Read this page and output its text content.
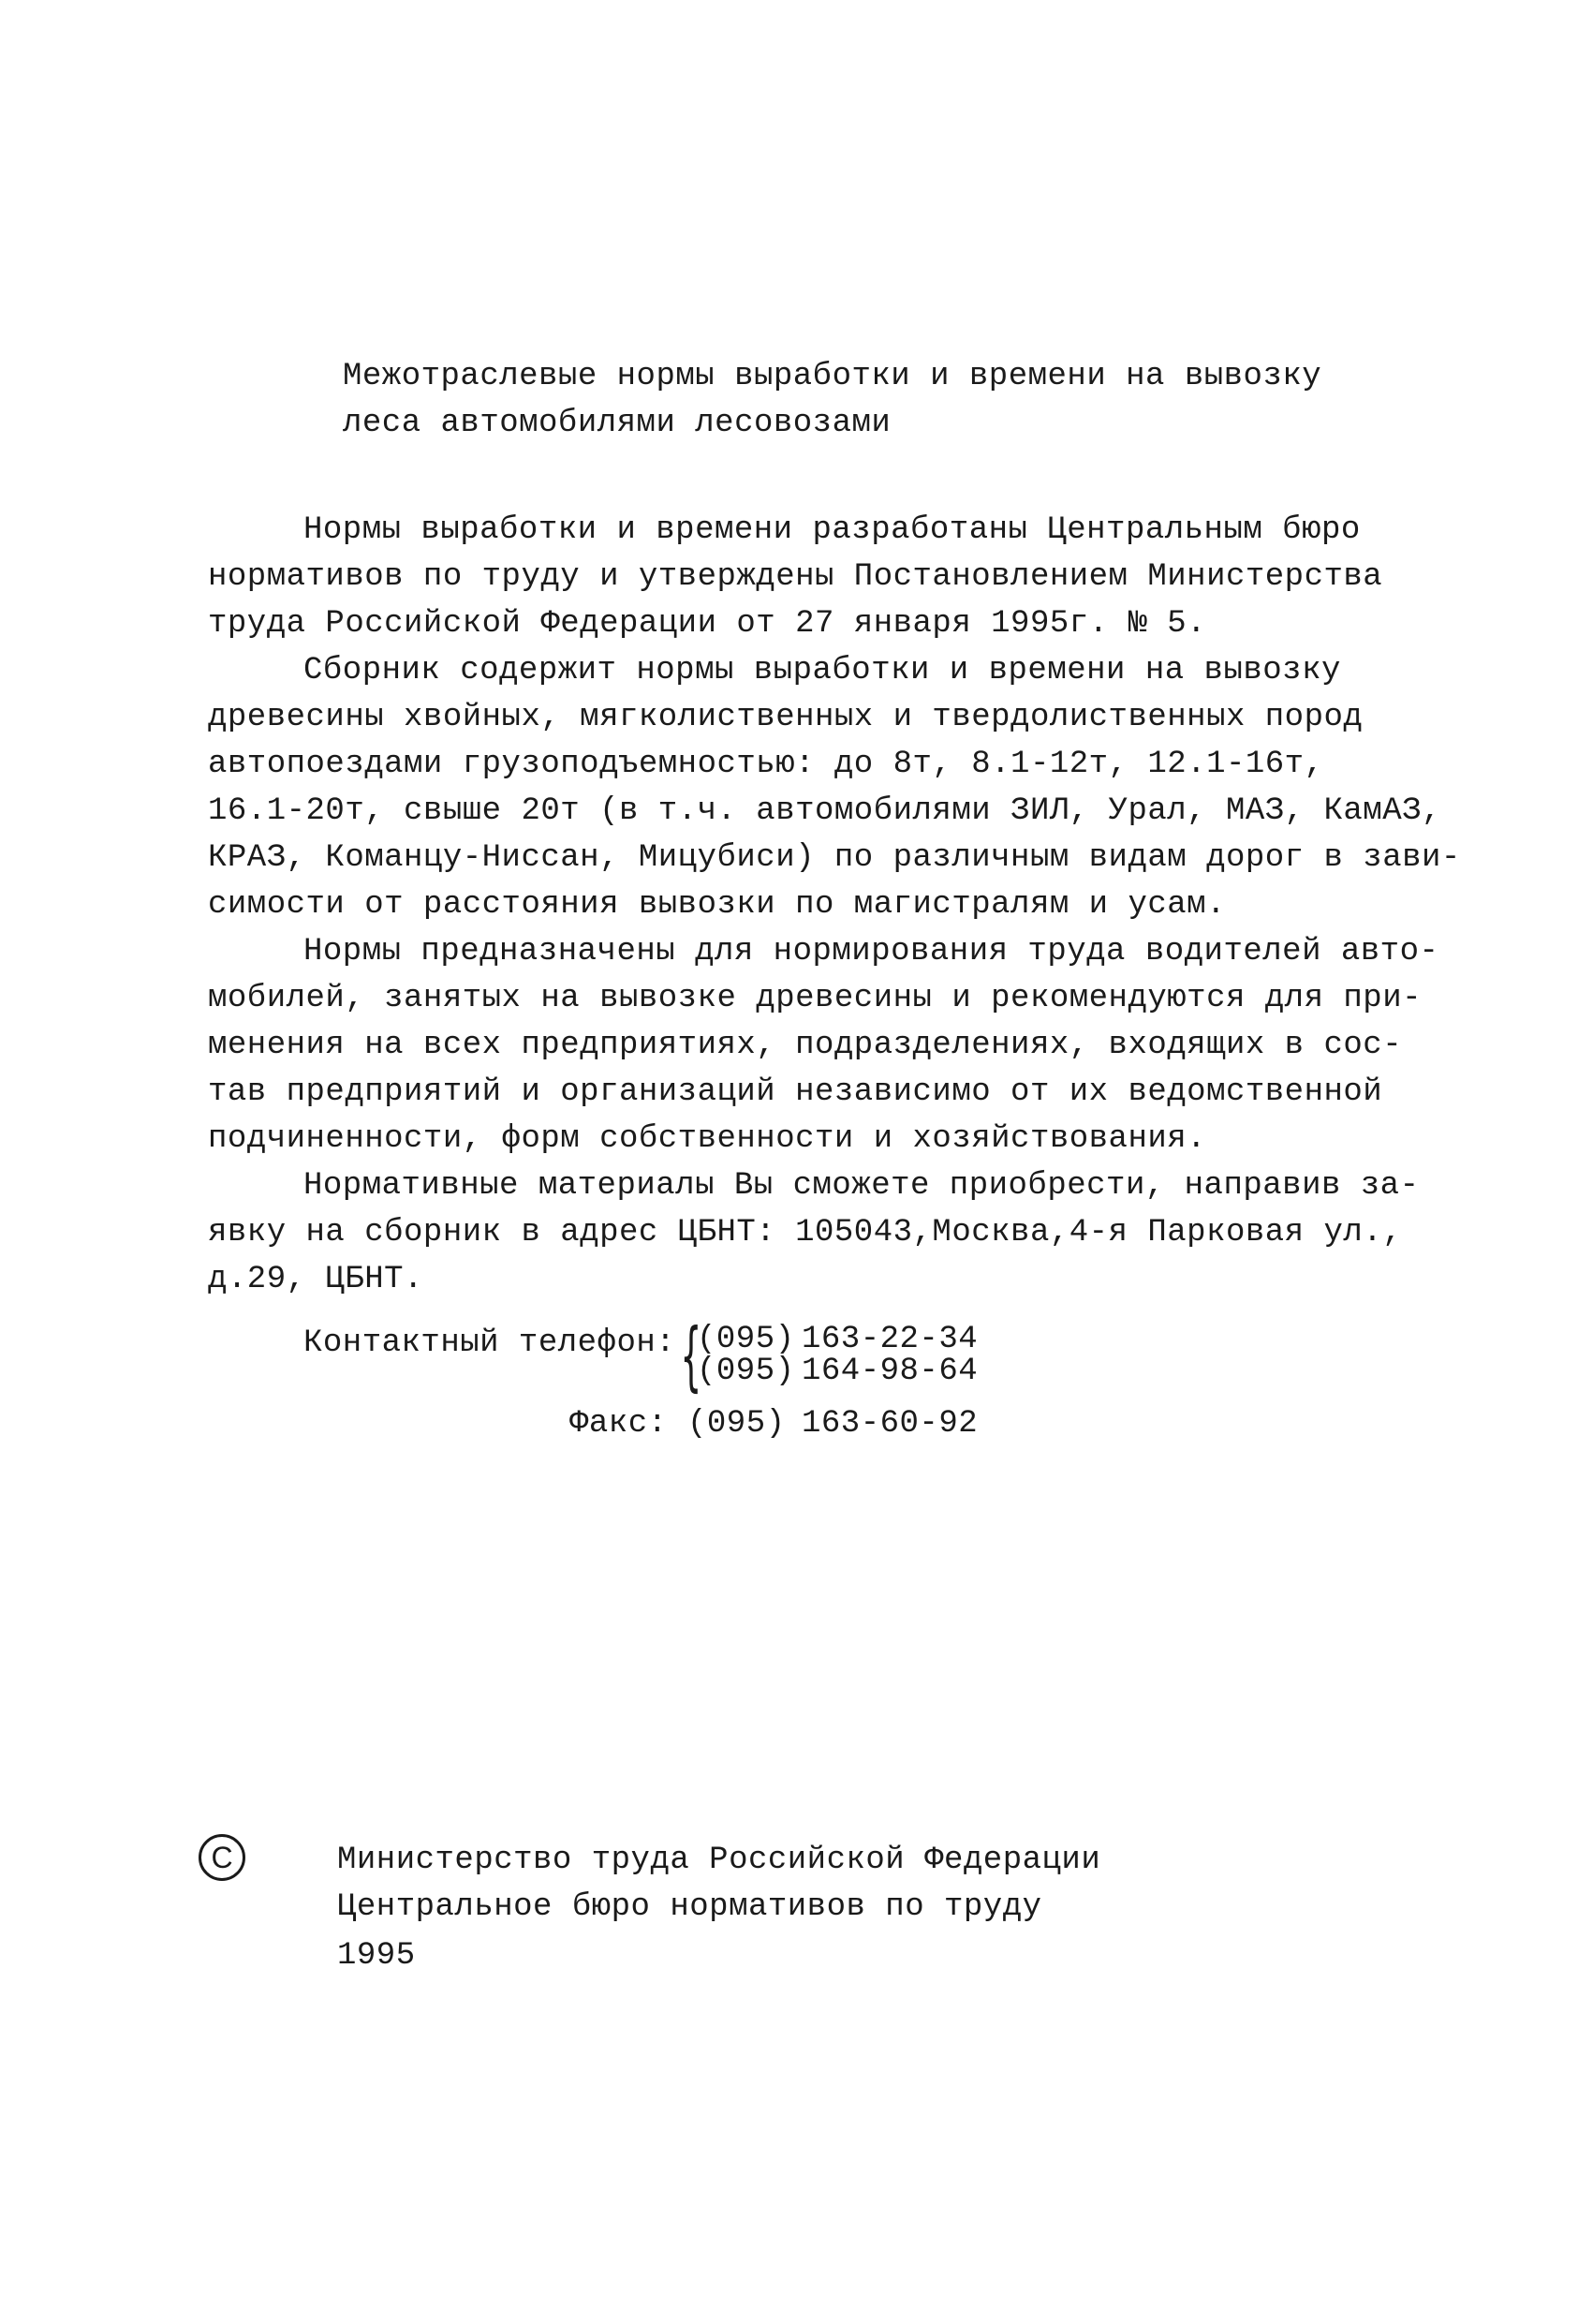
Межотраслевые нормы выработки и времени на вывозку
леса автомобилями лесовозами
Нормы выработки и времени разработаны Центральным бюро
нормативов по труду и утверждены Постановлением Министерства
труда Российской Федерации от 27 января 1995г. № 5.
Сборник содержит нормы выработки и времени на вывозку
древесины хвойных, мягколиственных и твердолиственных пород
автопоездами грузоподъемностью: до 8т, 8.1-12т, 12.1-16т,
16.1-20т, свыше 20т (в т.ч. автомобилями ЗИЛ, Урал, МАЗ, КамАЗ,
КРАЗ, Команцу-Ниссан, Мицубиси) по различным видам дорог в зави-
симости от расстояния вывозки по магистралям и усам.
Нормы предназначены для нормирования труда водителей авто-
мобилей, занятых на вывозке древесины и рекомендуются для при-
менения на всех предприятиях, подразделениях, входящих в сос-
тав предприятий и организаций независимо от их ведомственной
подчиненности, форм собственности и хозяйствования.
Нормативные материалы Вы сможете приобрести, направив за-
явку на сборник в адрес ЦБНТ: 105043,Москва,4-я Парковая ул.,
д.29, ЦБНТ.
Контактный телефон: {
(095) 163-22-34
(095) 164-98-64
Факс: (095) 163-60-92
C	Министерство труда Российской Федерации
Центральное бюро нормативов по труду
1995
